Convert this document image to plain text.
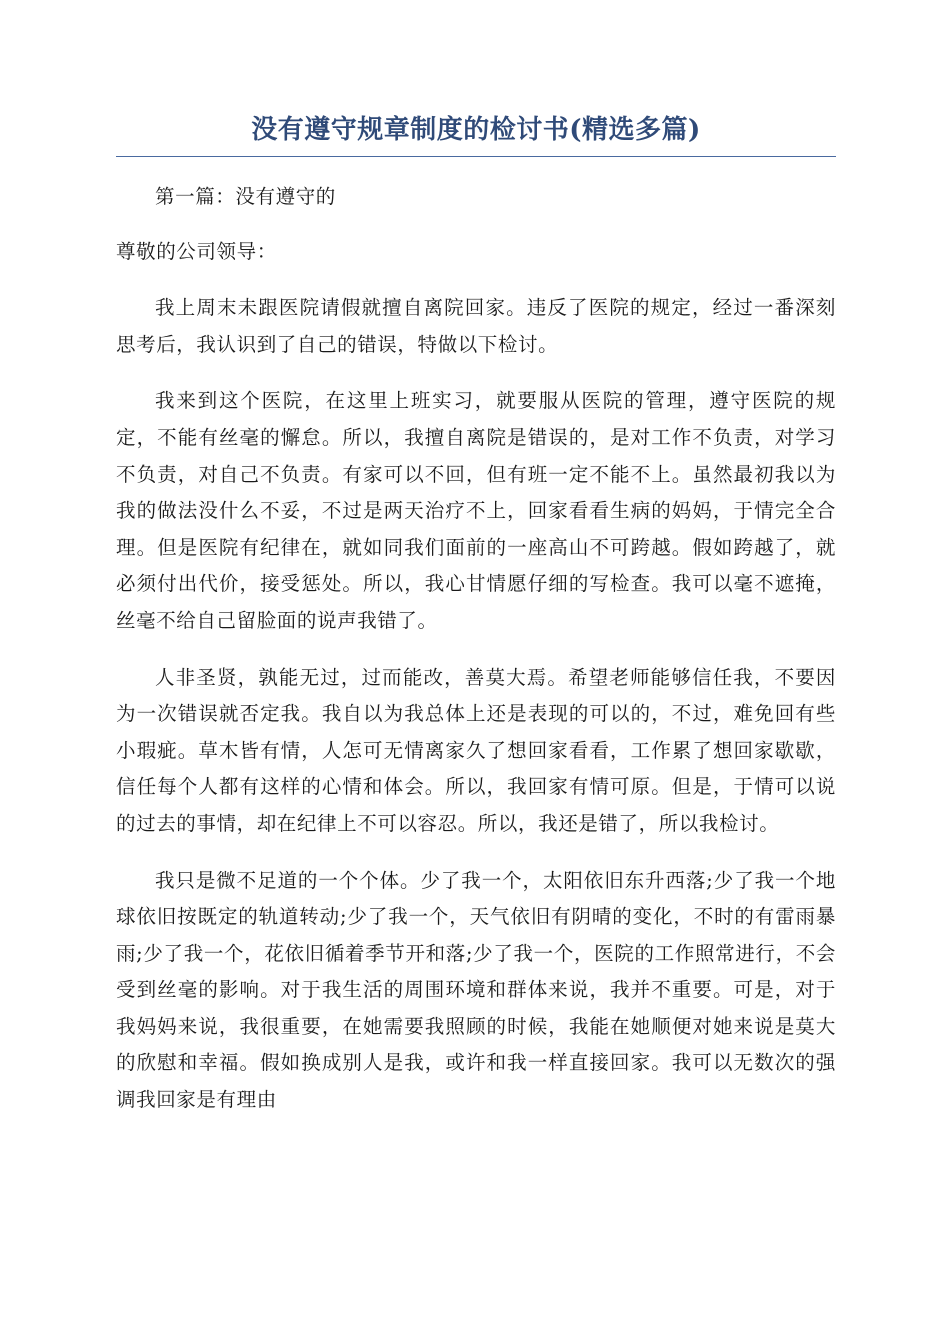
没有遵守规章制度的检讨书(精选多篇)

第一篇：没有遵守的

尊敬的公司领导：

我上周末未跟医院请假就擅自离院回家。违反了医院的规定，经过一番深刻思考后，我认识到了自己的错误，特做以下检讨。

我来到这个医院，在这里上班实习，就要服从医院的管理，遵守医院的规定，不能有丝毫的懈怠。所以，我擅自离院是错误的，是对工作不负责，对学习不负责，对自己不负责。有家可以不回，但有班一定不能不上。虽然最初我以为我的做法没什么不妥，不过是两天治疗不上，回家看看生病的妈妈，于情完全合理。但是医院有纪律在，就如同我们面前的一座高山不可跨越。假如跨越了，就必须付出代价，接受惩处。所以，我心甘情愿仔细的写检查。我可以毫不遮掩，丝毫不给自己留脸面的说声我错了。

人非圣贤，孰能无过，过而能改，善莫大焉。希望老师能够信任我，不要因为一次错误就否定我。我自以为我总体上还是表现的可以的，不过，难免回有些小瑕疵。草木皆有情，人怎可无情离家久了想回家看看，工作累了想回家歇歇，信任每个人都有这样的心情和体会。所以，我回家有情可原。但是，于情可以说的过去的事情，却在纪律上不可以容忍。所以，我还是错了，所以我检讨。

我只是微不足道的一个个体。少了我一个，太阳依旧东升西落;少了我一个地球依旧按既定的轨道转动;少了我一个，天气依旧有阴晴的变化，不时的有雷雨暴雨;少了我一个，花依旧循着季节开和落;少了我一个，医院的工作照常进行，不会受到丝毫的影响。对于我生活的周围环境和群体来说，我并不重要。可是，对于我妈妈来说，我很重要，在她需要我照顾的时候，我能在她顺便对她来说是莫大的欣慰和幸福。假如换成别人是我，或许和我一样直接回家。我可以无数次的强调我回家是有理由
